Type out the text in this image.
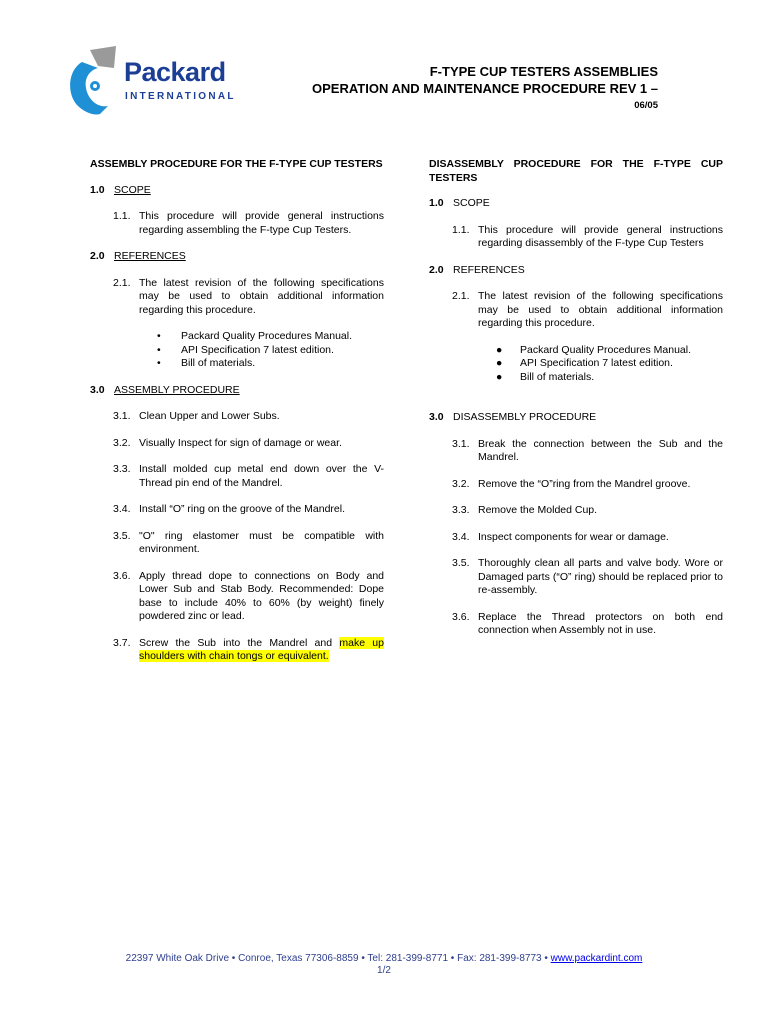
Packard
INTERNATIONAL
F-TYPE CUP TESTERS ASSEMBLIES
OPERATION AND MAINTENANCE PROCEDURE REV 1 –
06/05

ASSEMBLY PROCEDURE FOR THE F-TYPE CUP TESTERS

1.0 SCOPE

1.1. This procedure will provide general instructions regarding assembling the F-type Cup Testers.

2.0 REFERENCES

2.1. The latest revision of the following specifications may be used to obtain additional information regarding this procedure.
• Packard Quality Procedures Manual.
• API Specification 7 latest edition.
• Bill of materials.

3.0 ASSEMBLY PROCEDURE

3.1. Clean Upper and Lower Subs.
3.2. Visually Inspect for sign of damage or wear.
3.3. Install molded cup metal end down over the V-Thread pin end of the Mandrel.
3.4. Install “O” ring on the groove of the Mandrel.
3.5. "O" ring elastomer must be compatible with environment.
3.6. Apply thread dope to connections on Body and Lower Sub and Stab Body. Recommended: Dope base to include 40% to 60% (by weight) finely powdered zinc or lead.
3.7. Screw the Sub into the Mandrel and make up shoulders with chain tongs or equivalent.

DISASSEMBLY PROCEDURE FOR THE F-TYPE CUP TESTERS

1.0 SCOPE

1.1. This procedure will provide general instructions regarding disassembly of the F-type Cup Testers

2.0 REFERENCES

2.1. The latest revision of the following specifications may be used to obtain additional information regarding this procedure.
● Packard Quality Procedures Manual.
● API Specification 7 latest edition.
● Bill of materials.

3.0 DISASSEMBLY PROCEDURE

3.1. Break the connection between the Sub and the Mandrel.
3.2. Remove the “O”ring from the Mandrel groove.
3.3. Remove the Molded Cup.
3.4. Inspect components for wear or damage.
3.5. Thoroughly clean all parts and valve body. Wore or Damaged parts (“O” ring) should be replaced prior to re-assembly.
3.6. Replace the Thread protectors on both end connection when Assembly not in use.
22397 White Oak Drive • Conroe, Texas 77306-8859 • Tel: 281-399-8771 • Fax: 281-399-8773 • www.packardint.com
1/2
